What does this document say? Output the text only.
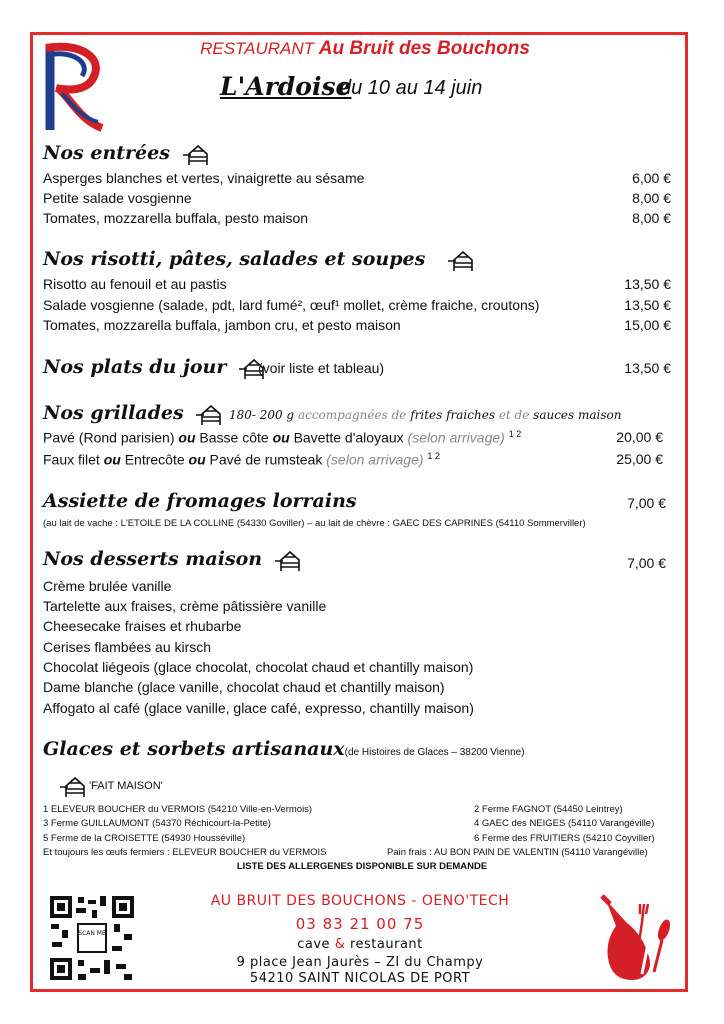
RESTAURANT Au Bruit des Bouchons
L'Ardoise
du 10 au 14 juin
Nos entrées
Asperges blanches et vertes, vinaigrette au sésame	6,00 €
Petite salade vosgienne	8,00 €
Tomates, mozzarella buffala, pesto maison	8,00 €
Nos risotti, pâtes, salades et soupes
Risotto au fenouil et au pastis	13,50 €
Salade vosgienne (salade, pdt, lard fumé², œuf¹ mollet, crème fraiche, croutons)	13,50 €
Tomates, mozzarella buffala, jambon cru, et pesto maison	15,00 €
Nos plats du jour	(voir liste et tableau)	13,50 €
Nos grillades	180- 200 g accompagnées de frites fraiches et de sauces maison
Pavé (Rond parisien) ou Basse côte ou Bavette d'aloyaux (selon arrivage) $^{1 2}$	20,00 €
Faux filet ou Entrecôte ou Pavé de rumsteak (selon arrivage) $^{1 2}$	25,00 €
Assiette de fromages lorrains	7,00 €
(au lait de vache : L'ETOILE DE LA COLLINE (54330 Goviller) – au lait de chèvre : GAEC DES CAPRINES (54110 Sommerviller)
Nos desserts maison	7,00 €
Crème brulée vanille
Tartelette aux fraises, crème pâtissière vanille
Cheesecake fraises et rhubarbe
Cerises flambées au kirsch
Chocolat liégeois (glace chocolat, chocolat chaud et chantilly maison)
Dame blanche (glace vanille, chocolat chaud et chantilly maison)
Affogato al café (glace vanille, glace café, expresso, chantilly maison)
Glaces et sorbets artisanaux(de Histoires de Glaces – 38200 Vienne)
'FAIT MAISON'
1 ELEVEUR BOUCHER du VERMOIS (54210 Ville-en-Vermois)
3 Ferme GUILLAUMONT (54370 Réchicourt-la-Petite)
5 Ferme de la CROISETTE (54930 Housséville)
2 Ferme FAGNOT (54450 Leintrey)
4 GAEC des NEIGES (54110 Varangéville)
6 Ferme des FRUITIERS (54210 Coyviller)
Et toujours les œufs fermiers : ELEVEUR BOUCHER du VERMOIS	Pain frais : AU BON PAIN DE VALENTIN (54110 Varangéville)
LISTE DES ALLERGENES DISPONIBLE SUR DEMANDE
SCAN ME
AU BRUIT DES BOUCHONS - OENO'TECH
03 83 21 00 75
cave & restaurant
9 place Jean Jaurès – ZI du Champy
54210 SAINT NICOLAS DE PORT
